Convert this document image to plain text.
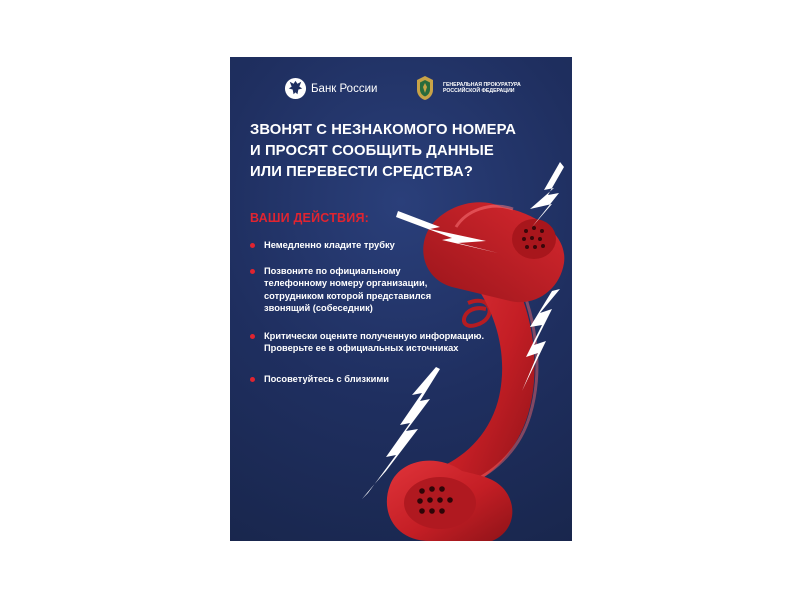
Банк России	ГЕНЕРАЛЬНАЯ ПРОКУРАТУРА
РОССИЙСКОЙ ФЕДЕРАЦИИ
ЗВОНЯТ С НЕЗНАКОМОГО НОМЕРА
И ПРОСЯТ СООБЩИТЬ ДАННЫЕ
ИЛИ ПЕРЕВЕСТИ СРЕДСТВА?
ВАШИ ДЕЙСТВИЯ:
Немедленно кладите трубку
Позвоните по официальному
телефонному номеру организации,
сотрудником которой представился
звонящий (собеседник)
Критически оцените полученную информацию.
Проверьте ее в официальных источниках
Посоветуйтесь с близкими
